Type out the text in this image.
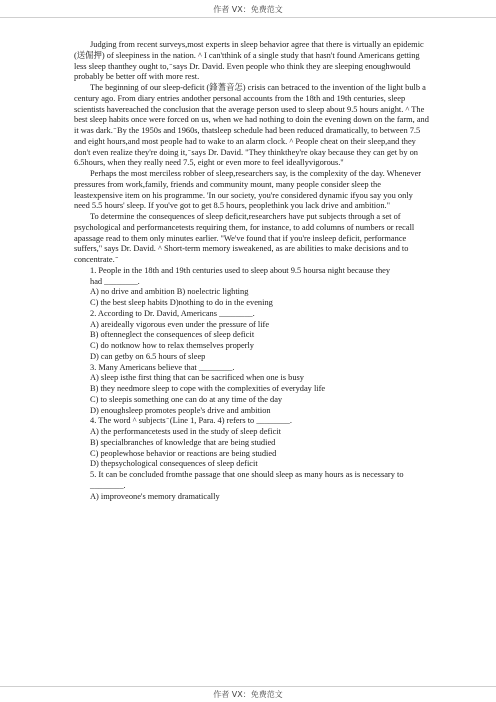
作者 VX：免费范文

Judging from recent surveys,most experts in sleep behavior agree that there is virtually an epidemic (送倔押) of sleepiness in the nation. ^ I can'tthink of a single study that hasn't found Americans getting less sleep thanthey ought to, ̄ says Dr. David. Even people who think they are sleeping enoughwould probably be better off with more rest.

The beginning of our sleep-deficit (鋒蓍音怎) crisis can betraced to the invention of the light bulb a century ago. From diary entries andother personal accounts from the 18th and 19th centuries, sleep scientists havereached the conclusion that the average person used to sleep about 9.5 hours anight. ^ The best sleep habits once were forced on us, when we had nothing to doin the evening down on the farm, and it was dark. ̄ By the 1950s and 1960s, thatsleep schedule had been reduced dramatically, to between 7.5 and eight hours,and most people had to wake to an alarm clock. ^ People cheat on their sleep,and they don't even realize they're doing it, ̄ says Dr. David. "They thinkthey're okay because they can get by on 6.5hours, when they really need 7.5, eight or even more to feel ideallyvigorous."

Perhaps the most merciless robber of sleep,researchers say, is the complexity of the day. Whenever pressures from work,family, friends and community mount, many people consider sleep the leastexpensive item on his programme. 'In our society, you're considered dynamic ifyou say you only need 5.5 hours' sleep. If you've got to get 8.5 hours, peoplethink you lack drive and ambition."

To determine the consequences of sleep deficit,researchers have put subjects through a set of psychological and performancetests requiring them, for instance, to add columns of numbers or recall apassage read to them only minutes earlier. "We've found that if you're insleep deficit, performance suffers," says Dr. David. ^ Short-term memory isweakened, as are abilities to make decisions and to concentrate. ̄

1. People in the 18th and 19th centuries used to sleep about 9.5 hoursa night because they

had ________.

A) no drive and ambition B) noelectric lighting

C) the best sleep habits D)nothing to do in the evening

2. According to Dr. David, Americans ________.

A) areideally vigorous even under the pressure of life

B) oftenneglect the consequences of sleep deficit

C) do notknow how to relax themselves properly

D) can getby on 6.5 hours of sleep

3. Many Americans believe that ________.

A) sleep isthe first thing that can be sacrificed when one is busy

B) they needmore sleep to cope with the complexities of everyday life

C) to sleepis something one can do at any time of the day

D) enoughsleep promotes people's drive and ambition

4. The word ^ subjects ̄ (Line 1, Para. 4) refers to ________.

A) the performancetests used in the study of sleep deficit

B) specialbranches of knowledge that are being studied

C) peoplewhose behavior or reactions are being studied

D) thepsychological consequences of sleep deficit

5. It can be concluded fromthe passage that one should sleep as many hours as is necessary to ________.

A) improveone's memory dramatically

作者 VX：免费范文
